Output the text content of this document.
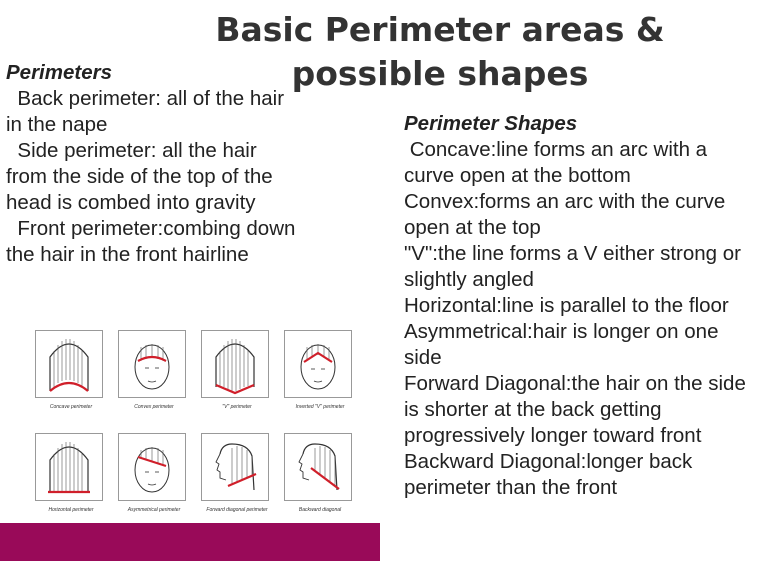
Basic Perimeter areas &
possible shapes
Perimeters
Back perimeter: all of the hair in the nape
Side perimeter: all the hair from the side of the top of the head is combed into gravity
Front perimeter:combing down the hair in the front hairline
Perimeter Shapes
Concave:line forms an arc with a curve open at the bottom
Convex:forms an arc with the curve open at the top
"V":the line forms a V either strong or slightly angled
Horizontal:line is parallel to the floor
Asymmetrical:hair is longer on one side
Forward Diagonal:the hair on the side is shorter at the back getting progressively longer toward front
Backward Diagonal:longer back perimeter than the front
Concave perimeter	Convex perimeter	"V" perimeter	Inverted "V" perimeter
Horizontal perimeter	Asymmetrical perimeter	Forward diagonal perimeter	Backward diagonal
